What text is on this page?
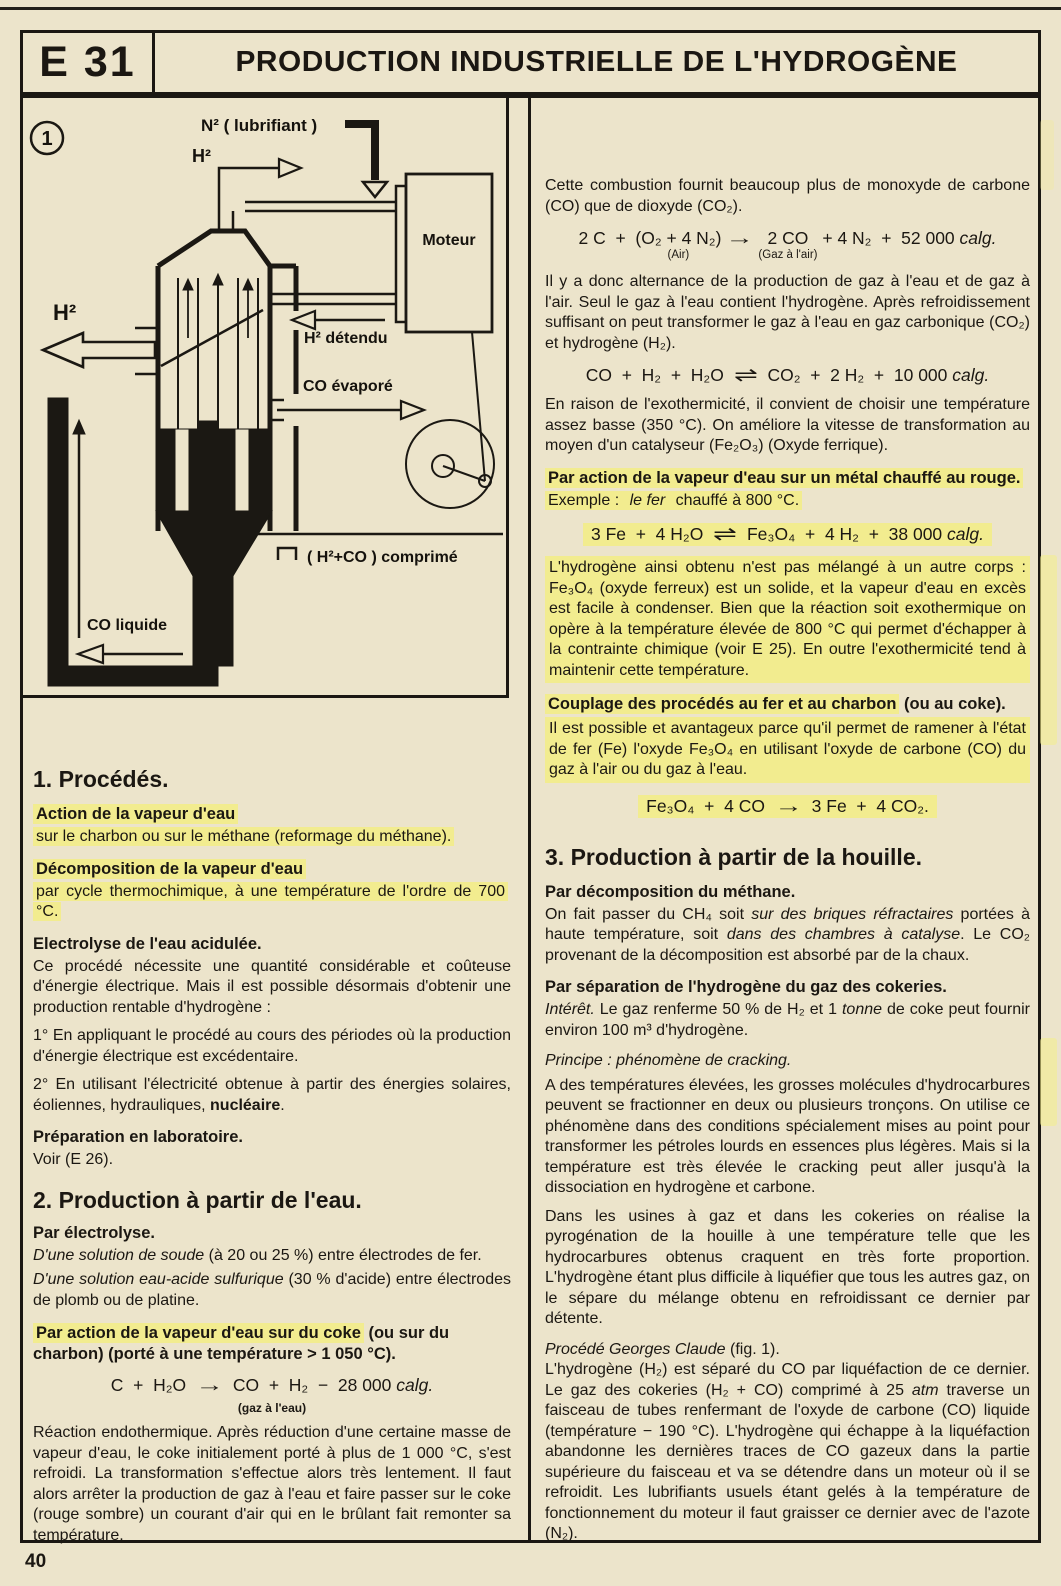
E 31	PRODUCTION INDUSTRIELLE DE L'HYDROGÈNE
1
N² ( lubrifiant )
H²
Moteur
H² détendu
H²
CO évaporé
( H²+CO ) comprimé
CO liquide
1. Procédés.
Action de la vapeur d'eau

sur le charbon ou sur le méthane (reformage du méthane).

Décomposition de la vapeur d'eau

par cycle thermochimique, à une température de l'ordre de 700 °C.

Electrolyse de l'eau acidulée.

Ce procédé nécessite une quantité considérable et coûteuse d'énergie électrique. Mais il est possible désormais d'obtenir une production rentable d'hydrogène :

1° En appliquant le procédé au cours des périodes où la production d'énergie électrique est excédentaire.

2° En utilisant l'électricité obtenue à partir des énergies solaires, éoliennes, hydrauliques, nucléaire.

Préparation en laboratoire.

Voir (E 26).

2. Production à partir de l'eau.
Par électrolyse.

D'une solution de soude (à 20 ou 25 %) entre électrodes de fer.

D'une solution eau-acide sulfurique (30 % d'acide) entre électrodes de plomb ou de platine.

Par action de la vapeur d'eau sur du coke (ou sur du charbon) (porté à une température > 1 050 °C).
C  +  H₂O → CO  +  H₂  −  28 000 calg.
(gaz à l'eau)

Réaction endothermique. Après réduction d'une certaine masse de vapeur d'eau, le coke initialement porté à plus de 1 000 °C, s'est refroidi. La transformation s'effectue alors très lentement. Il faut alors arrêter la production de gaz à l'eau et faire passer sur le coke (rouge sombre) un courant d'air qui en le brûlant fait remonter sa température.

Cette combustion fournit beaucoup plus de monoxyde de carbone (CO) que de dioxyde (CO₂).

2 C  + (O₂ + 4 N₂)
(Air)
→ 2 CO
(Gaz à l'air)
+ 4 N₂  +  52 000 calg.

Il y a donc alternance de la production de gaz à l'eau et de gaz à l'air. Seul le gaz à l'eau contient l'hydrogène. Après refroidissement suffisant on peut transformer le gaz à l'eau en gaz carbonique (CO₂) et hydrogène (H₂).

CO  +  H₂  +  H₂O ⇌ CO₂  +  2 H₂  +  10 000 calg.

En raison de l'exothermicité, il convient de choisir une température assez basse (350 °C). On améliore la vitesse de transformation au moyen d'un catalyseur (Fe₂O₃) (Oxyde ferrique).

Par action de la vapeur d'eau sur un métal chauffé au rouge.

Exemple : le fer chauffé à 800 °C.

3 Fe  +  4 H₂O ⇌ Fe₃O₄  +  4 H₂  +  38 000 calg.

L'hydrogène ainsi obtenu n'est pas mélangé à un autre corps : Fe₃O₄ (oxyde ferreux) est un solide, et la vapeur d'eau en excès est facile à condenser. Bien que la réaction soit exothermique on opère à la température élevée de 800 °C qui permet d'échapper à la contrainte chimique (voir E 25). En outre l'exothermicité tend à maintenir cette température.

Couplage des procédés au fer et au charbon (ou au coke).

Il est possible et avantageux parce qu'il permet de ramener à l'état de fer (Fe) l'oxyde Fe₃O₄ en utilisant l'oxyde de carbone (CO) du gaz à l'air ou du gaz à l'eau.

Fe₃O₄  +  4 CO → 3 Fe  +  4 CO₂.
3. Production à partir de la houille.
Par décomposition du méthane.

On fait passer du CH₄ soit sur des briques réfractaires portées à haute température, soit dans des chambres à catalyse. Le CO₂ provenant de la décomposition est absorbé par de la chaux.

Par séparation de l'hydrogène du gaz des cokeries.

Intérêt. Le gaz renferme 50 % de H₂ et 1 tonne de coke peut fournir environ 100 m³ d'hydrogène.

Principe : phénomène de cracking.

A des températures élevées, les grosses molécules d'hydrocarbures peuvent se fractionner en deux ou plusieurs tronçons. On utilise ce phénomène dans des conditions spécialement mises au point pour transformer les pétroles lourds en essences plus légères. Mais si la température est très élevée le cracking peut aller jusqu'à la dissociation en hydrogène et carbone.

Dans les usines à gaz et dans les cokeries on réalise la pyrogénation de la houille à une température telle que les hydrocarbures obtenus craquent en très forte proportion. L'hydrogène étant plus difficile à liquéfier que tous les autres gaz, on le sépare du mélange obtenu en refroidissant ce dernier par détente.

Procédé Georges Claude (fig. 1).

L'hydrogène (H₂) est séparé du CO par liquéfaction de ce dernier. Le gaz des cokeries (H₂ + CO) comprimé à 25 atm traverse un faisceau de tubes renfermant de l'oxyde de carbone (CO) liquide (température − 190 °C). L'hydrogène qui échappe à la liquéfaction abandonne les dernières traces de CO gazeux dans la partie supérieure du faisceau et va se détendre dans un moteur où il se refroidit. Les lubrifiants usuels étant gelés à la température de fonctionnement du moteur il faut graisser ce dernier avec de l'azote (N₂).

40
